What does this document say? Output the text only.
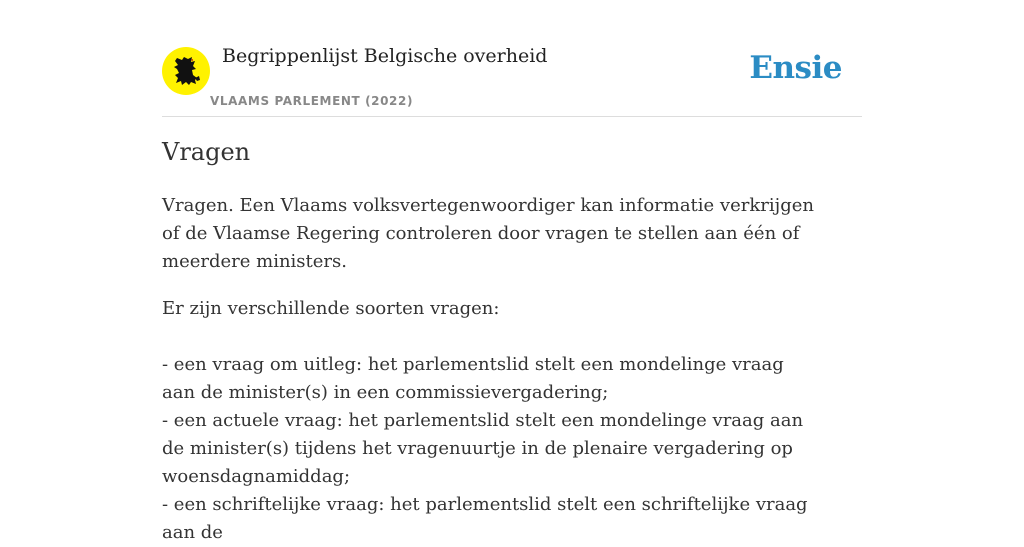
Begrippenlijst Belgische overheid
VLAAMS PARLEMENT (2022)
Ensie
Vragen

Vragen. Een Vlaams volksvertegenwoordiger kan informatie verkrijgen of de Vlaamse Regering controleren door vragen te stellen aan één of meerdere ministers.

Er zijn verschillende soorten vragen:

- een vraag om uitleg: het parlementslid stelt een mondelinge vraag aan de minister(s) in een commissievergadering;
- een actuele vraag: het parlementslid stelt een mondelinge vraag aan de minister(s) tijdens het vragenuurtje in de plenaire vergadering op woensdagnamiddag;
- een schriftelijke vraag: het parlementslid stelt een schriftelijke vraag aan de
